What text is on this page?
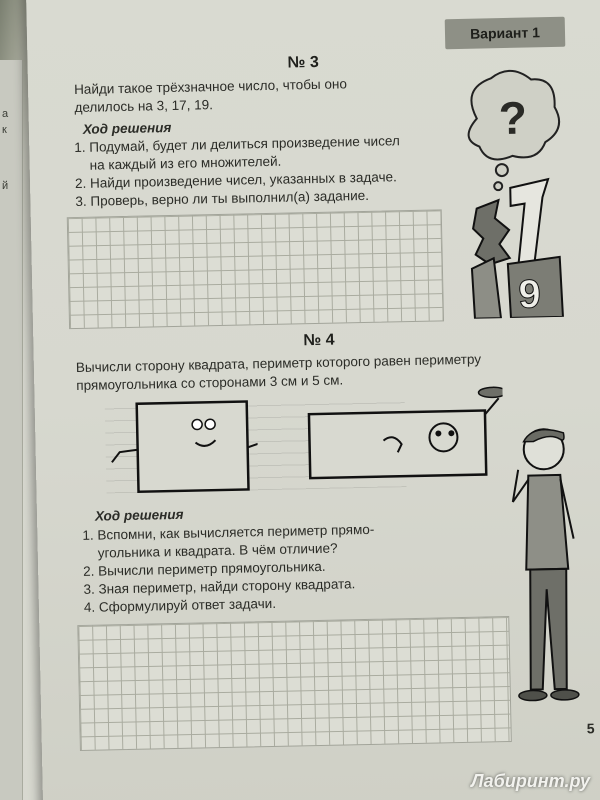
а
к
й
Вариант 1
№ 3
Найди такое трёхзначное число, чтобы оно
делилось на 3, 17, 19.
Ход решения
1. Подумай, будет ли делиться произведение чисел
на каждый из его множителей.
2. Найди произведение чисел, указанных в задаче.
3. Проверь, верно ли ты выполнил(а) задание.
?
9
№ 4
Вычисли сторону квадрата, периметр которого равен периметру
прямоугольника со сторонами 3 см и 5 см.
Ход решения
1. Вспомни, как вычисляется периметр прямо-
угольника и квадрата. В чём отличие?
2. Вычисли периметр прямоугольника.
3. Зная периметр, найди сторону квадрата.
4. Сформулируй ответ задачи.
5
Лабиринт.ру
